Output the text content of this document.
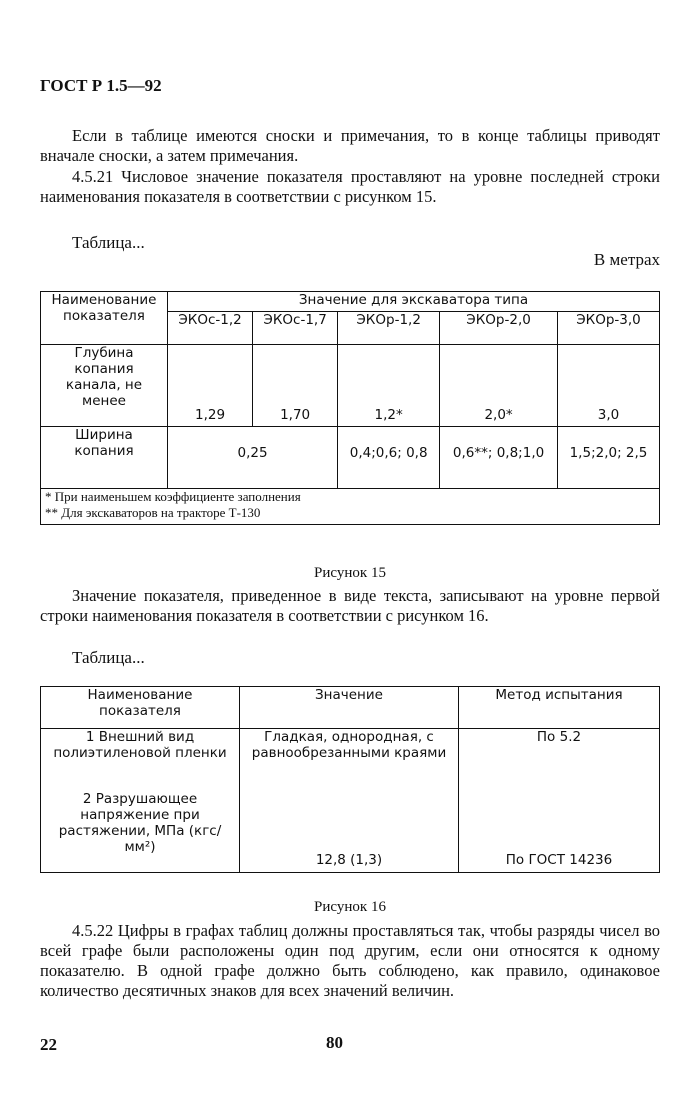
ГОСТ Р 1.5—92
Если в таблице имеются сноски и примечания, то в конце таблицы приводят вначале сноски, а затем примечания.
4.5.21 Числовое значение показателя проставляют на уровне последней строки наименования показателя в соответствии с рисунком 15.
Таблица...
В метрах
Наименование показателя	Значение для экскаватора типа				
	ЭКОс-1,2	ЭКОс-1,7	ЭКОр-1,2	ЭКОр-2,0	ЭКОр-3,0
Глубина копания канала, не менее	1,29	1,70	1,2*	2,0*	3,0
Ширина копания	0,25		0,4;0,6; 0,8	0,6**; 0,8;1,0	1,5;2,0; 2,5

* При наименьшем коэффициенте заполнения
** Для экскаваторов на тракторе Т-130					
Рисунок 15
Значение показателя, приведенное в виде текста, записывают на уровне первой строки наименования показателя в соответствии с рисунком 16.
Таблица...
Наименование показателя	Значение	Метод испытания
1 Внешний вид полиэтиленовой пленки	Гладкая, однородная, с равнообрезанными краями	По 5.2
2 Разрушающее напряжение при растяжении, МПа (кгс/мм²)	12,8 (1,3)	По ГОСТ 14236
Рисунок 16
4.5.22 Цифры в графах таблиц должны проставляться так, чтобы разряды чисел во всей графе были расположены один под другим, если они относятся к одному показателю. В одной графе должно быть соблюдено, как правило, одинаковое количество десятичных знаков для всех значений величин.
22	80
